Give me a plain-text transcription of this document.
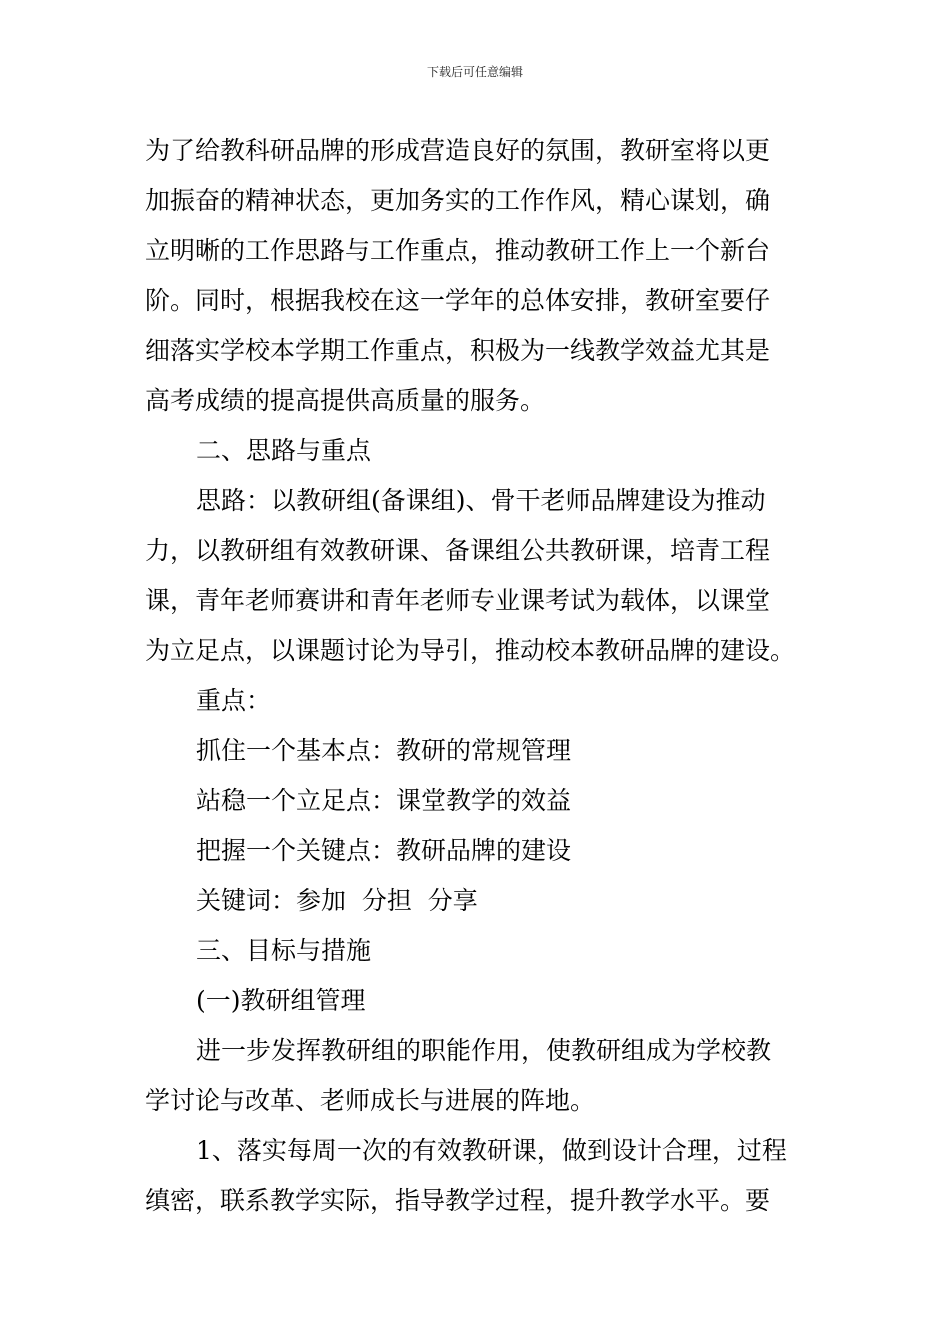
下载后可任意编辑
为了给教科研品牌的形成营造良好的氛围，教研室将以更
加振奋的精神状态，更加务实的工作作风，精心谋划，确
立明晰的工作思路与工作重点，推动教研工作上一个新台
阶。同时，根据我校在这一学年的总体安排，教研室要仔
细落实学校本学期工作重点，积极为一线教学效益尤其是
高考成绩的提高提供高质量的服务。
二、思路与重点
思路：以教研组(备课组)、骨干老师品牌建设为推动
力，以教研组有效教研课、备课组公共教研课，培青工程
课，青年老师赛讲和青年老师专业课考试为载体，以课堂
为立足点，以课题讨论为导引，推动校本教研品牌的建设。
重点：
抓住一个基本点：教研的常规管理
站稳一个立足点：课堂教学的效益
把握一个关键点：教研品牌的建设
关键词：参加  分担  分享
三、目标与措施
(一)教研组管理
进一步发挥教研组的职能作用，使教研组成为学校教
学讨论与改革、老师成长与进展的阵地。
1、落实每周一次的有效教研课，做到设计合理，过程
缜密，联系教学实际，指导教学过程，提升教学水平。要
